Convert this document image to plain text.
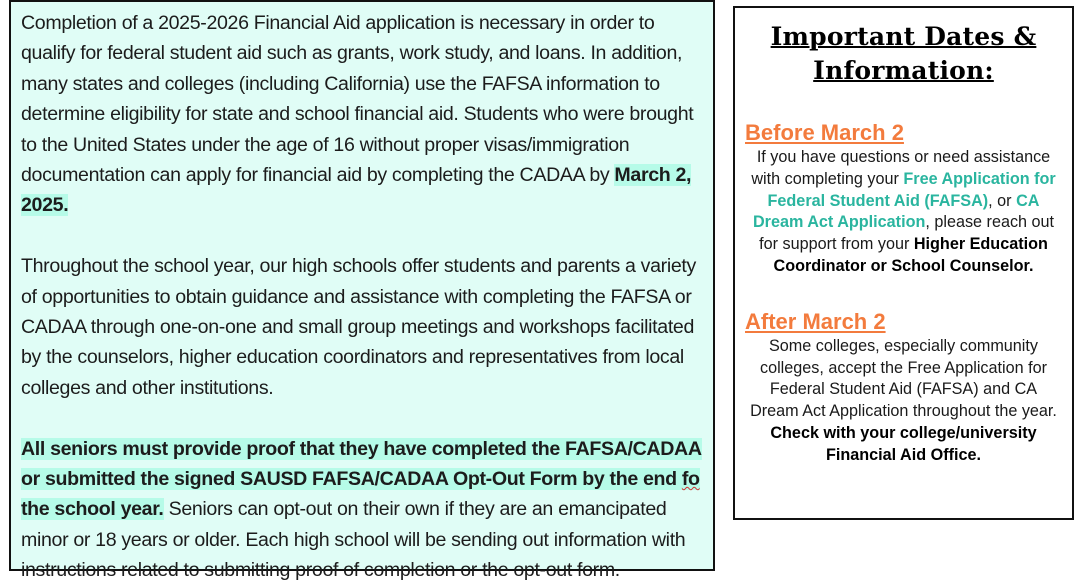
Completion of a 2025-2026 Financial Aid application is necessary in order to qualify for federal student aid such as grants, work study, and loans. In addition, many states and colleges (including California) use the FAFSA information to determine eligibility for state and school financial aid. Students who were brought to the United States under the age of 16 without proper visas/immigration documentation can apply for financial aid by completing the CADAA by March 2, 2025.

Throughout the school year, our high schools offer students and parents a variety of opportunities to obtain guidance and assistance with completing the FAFSA or CADAA through one-on-one and small group meetings and workshops facilitated by the counselors, higher education coordinators and representatives from local colleges and other institutions.

All seniors must provide proof that they have completed the FAFSA/CADAA or submitted the signed SAUSD FAFSA/CADAA Opt-Out Form by the end fo the school year. Seniors can opt-out on their own if they are an emancipated minor or 18 years or older. Each high school will be sending out information with instructions related to submitting proof of completion or the opt-out form.

Important Dates &
Information:
Before March 2
If you have questions or need assistance with completing your Free Application for Federal Student Aid (FAFSA), or CA Dream Act Application, please reach out for support from your Higher Education Coordinator or School Counselor.
After March 2
Some colleges, especially community colleges, accept the Free Application for Federal Student Aid (FAFSA) and CA Dream Act Application throughout the year. Check with your college/university Financial Aid Office.
